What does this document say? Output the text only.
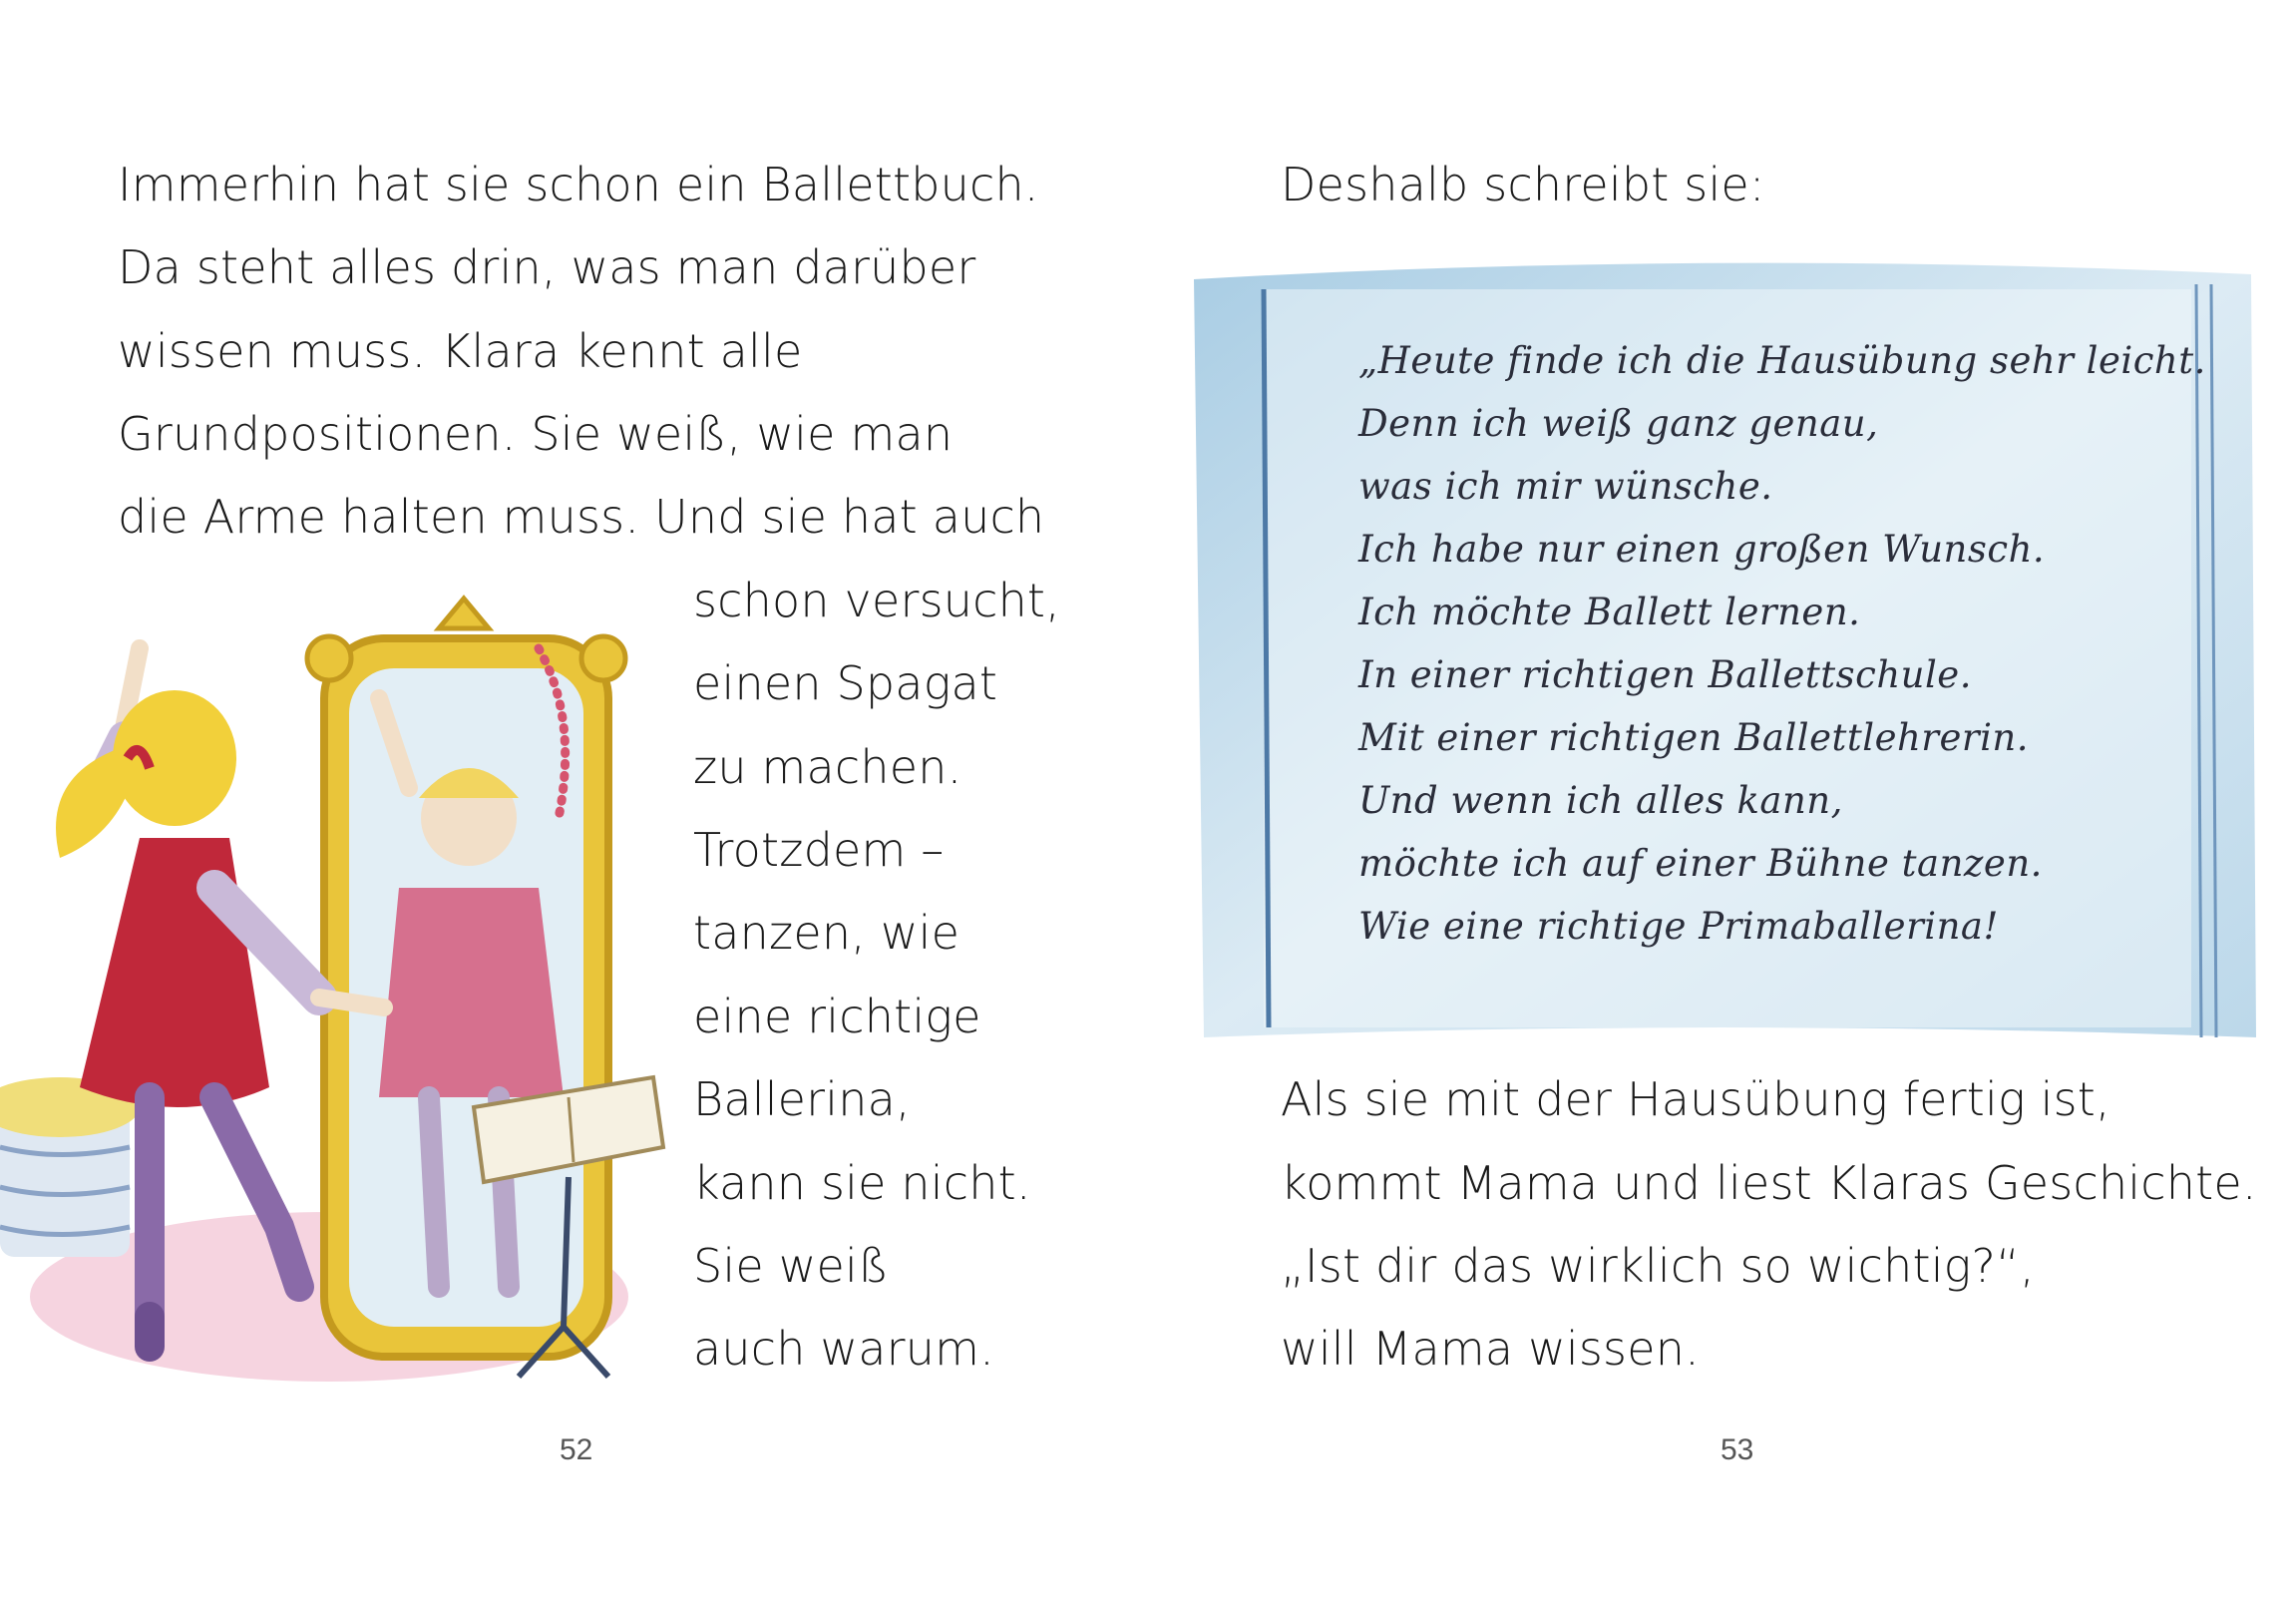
Immerhin hat sie schon ein Ballettbuch.

Da steht alles drin, was man darüber

wissen muss. Klara kennt alle

Grundpositionen. Sie weiß, wie man

die Arme halten muss. Und sie hat auch

schon versucht,

einen Spagat

zu machen.

Trotzdem –

tanzen, wie

eine richtige

Ballerina,

kann sie nicht.

Sie weiß

auch warum.

52

Deshalb schreibt sie:

„Heute finde ich die Hausübung sehr leicht.

Denn ich weiß ganz genau,

was ich mir wünsche.

Ich habe nur einen großen Wunsch.

Ich möchte Ballett lernen.

In einer richtigen Ballettschule.

Mit einer richtigen Ballettlehrerin.

Und wenn ich alles kann,

möchte ich auf einer Bühne tanzen.

Wie eine richtige Primaballerina!

Als sie mit der Hausübung fertig ist,

kommt Mama und liest Klaras Geschichte.

„Ist dir das wirklich so wichtig?“,

will Mama wissen.

53
